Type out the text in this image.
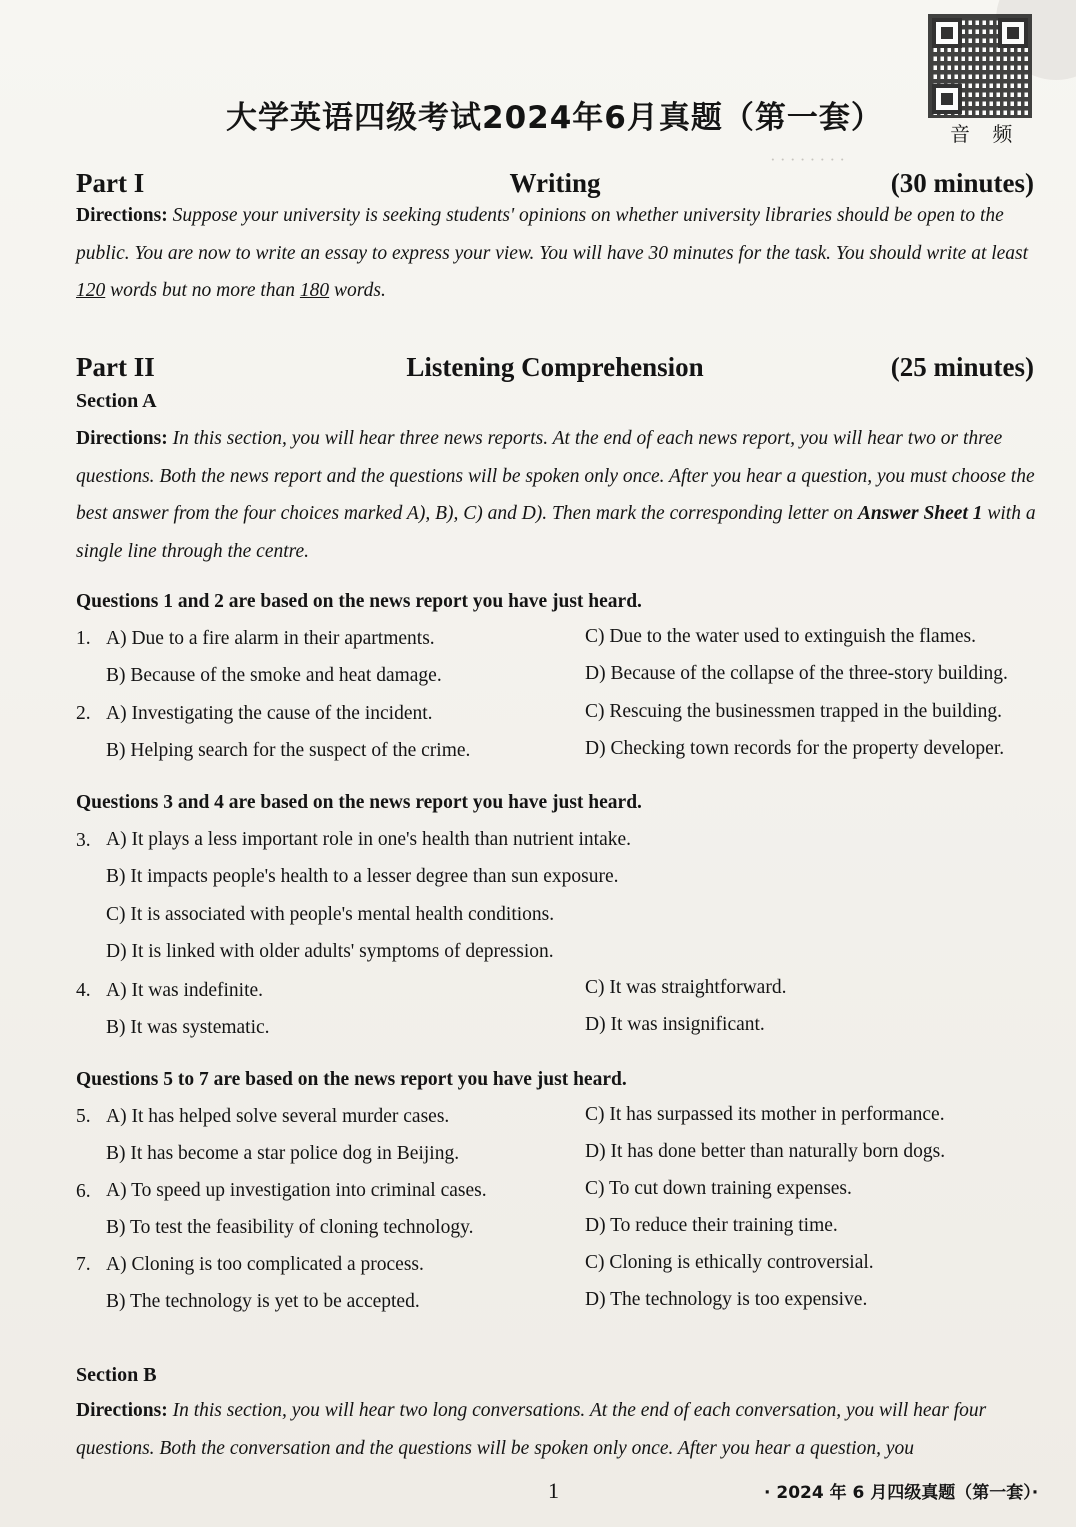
· · · · · · · ·
音 频
大学英语四级考试2024年6月真题（第一套）
Part I	Writing	(30 minutes)
Directions: Suppose your university is seeking students' opinions on whether university libraries should be open to the public. You are now to write an essay to express your view. You will have 30 minutes for the task. You should write at least 120 words but no more than 180 words.
Part II	Listening Comprehension	(25 minutes)
Section A
Directions: In this section, you will hear three news reports. At the end of each news report, you will hear two or three questions. Both the news report and the questions will be spoken only once. After you hear a question, you must choose the best answer from the four choices marked A), B), C) and D). Then mark the corresponding letter on Answer Sheet 1 with a single line through the centre.
Questions 1 and 2 are based on the news report you have just heard.
1. A) Due to a fire alarm in their apartments.
B) Because of the smoke and heat damage.
C) Due to the water used to extinguish the flames.
D) Because of the collapse of the three-story building.
2. A) Investigating the cause of the incident.
B) Helping search for the suspect of the crime.
C) Rescuing the businessmen trapped in the building.
D) Checking town records for the property developer.
Questions 3 and 4 are based on the news report you have just heard.
3. A) It plays a less important role in one's health than nutrient intake.
B) It impacts people's health to a lesser degree than sun exposure.
C) It is associated with people's mental health conditions.
D) It is linked with older adults' symptoms of depression.
4. A) It was indefinite.
B) It was systematic.
C) It was straightforward.
D) It was insignificant.
Questions 5 to 7 are based on the news report you have just heard.
5. A) It has helped solve several murder cases.
B) It has become a star police dog in Beijing.
C) It has surpassed its mother in performance.
D) It has done better than naturally born dogs.
6. A) To speed up investigation into criminal cases.
B) To test the feasibility of cloning technology.
C) To cut down training expenses.
D) To reduce their training time.
7. A) Cloning is too complicated a process.
B) The technology is yet to be accepted.
C) Cloning is ethically controversial.
D) The technology is too expensive.
Section B
Directions: In this section, you will hear two long conversations. At the end of each conversation, you will hear four questions. Both the conversation and the questions will be spoken only once. After you hear a question, you
1	· 2024 年 6 月四级真题（第一套）·
